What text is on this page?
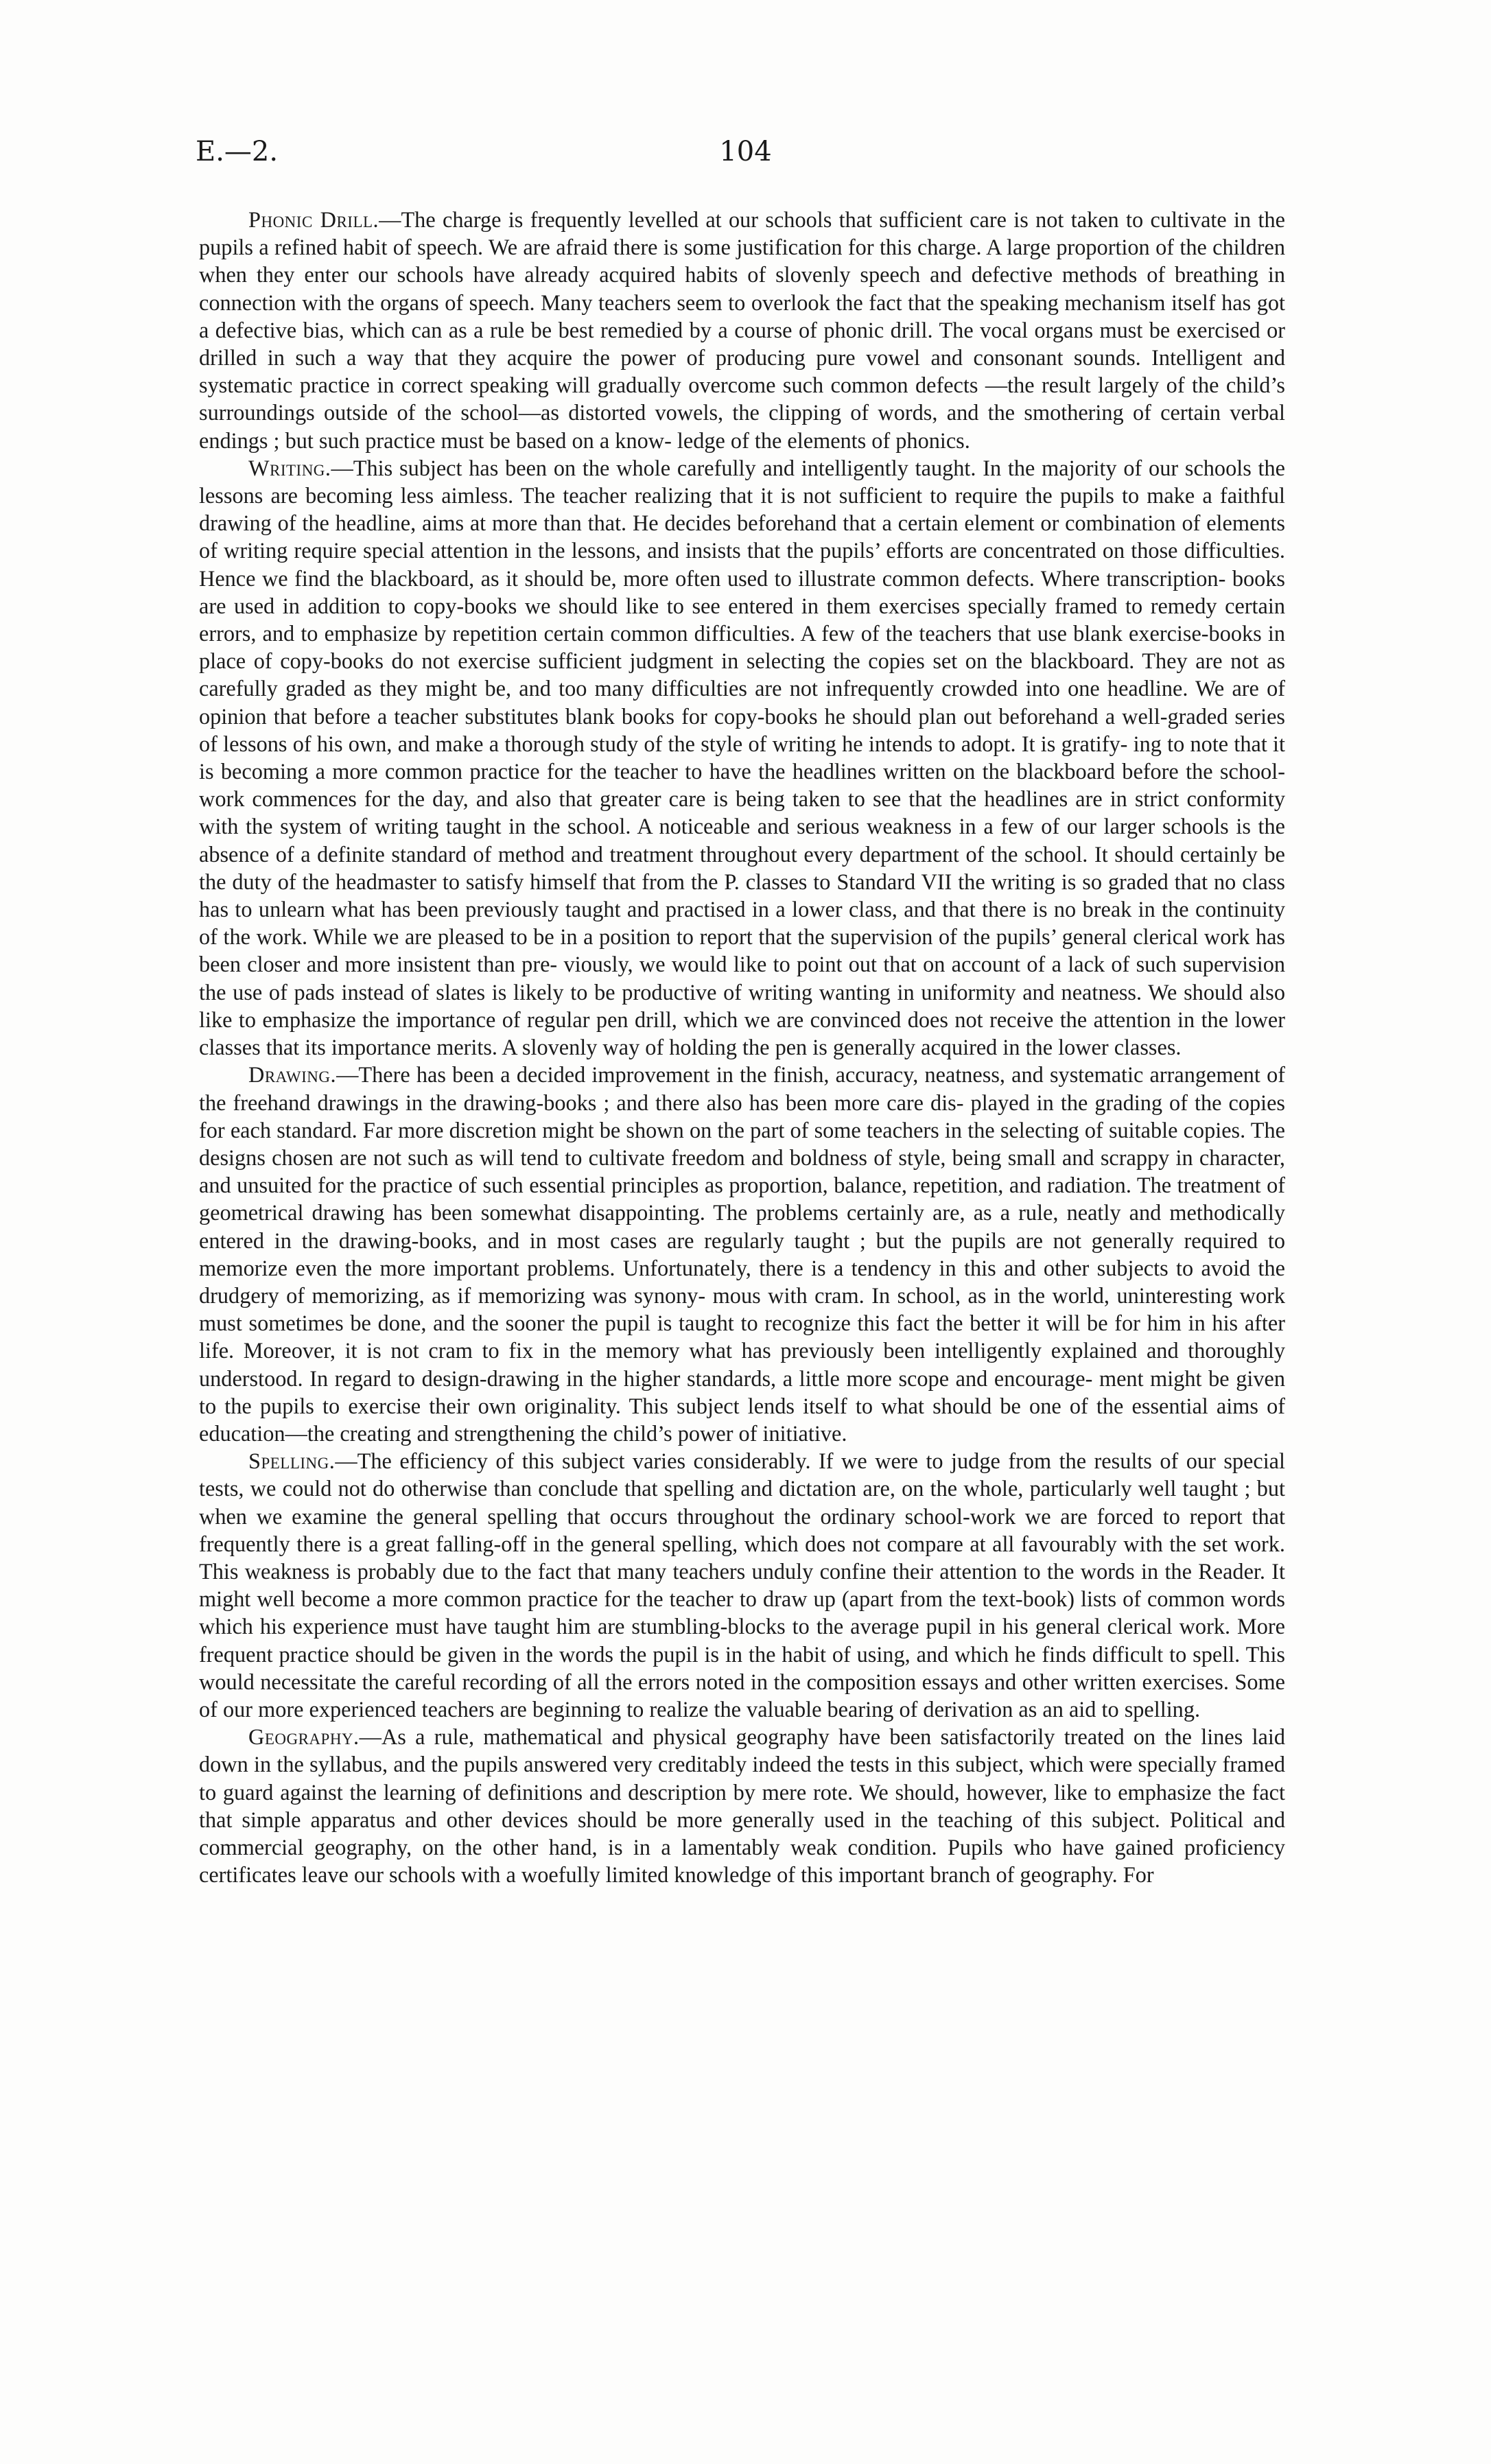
E.—2.	104

Phonic Drill.—The charge is frequently levelled at our schools that sufficient care is not taken to cultivate in the pupils a refined habit of speech. We are afraid there is some justification for this charge. A large proportion of the children when they enter our schools have already acquired habits of slovenly speech and defective methods of breathing in connection with the organs of speech. Many teachers seem to overlook the fact that the speaking mechanism itself has got a defective bias, which can as a rule be best remedied by a course of phonic drill. The vocal organs must be exercised or drilled in such a way that they acquire the power of producing pure vowel and consonant sounds. Intelligent and systematic practice in correct speaking will gradually overcome such common defects —the result largely of the child’s surroundings outside of the school—as distorted vowels, the clipping of words, and the smothering of certain verbal endings ; but such practice must be based on a know- ledge of the elements of phonics.

Writing.—This subject has been on the whole carefully and intelligently taught. In the majority of our schools the lessons are becoming less aimless. The teacher realizing that it is not sufficient to require the pupils to make a faithful drawing of the headline, aims at more than that. He decides beforehand that a certain element or combination of elements of writing require special attention in the lessons, and insists that the pupils’ efforts are concentrated on those difficulties. Hence we find the blackboard, as it should be, more often used to illustrate common defects. Where transcription- books are used in addition to copy-books we should like to see entered in them exercises specially framed to remedy certain errors, and to emphasize by repetition certain common difficulties. A few of the teachers that use blank exercise-books in place of copy-books do not exercise sufficient judgment in selecting the copies set on the blackboard. They are not as carefully graded as they might be, and too many difficulties are not infrequently crowded into one headline. We are of opinion that before a teacher substitutes blank books for copy-books he should plan out beforehand a well-graded series of lessons of his own, and make a thorough study of the style of writing he intends to adopt. It is gratify- ing to note that it is becoming a more common practice for the teacher to have the headlines written on the blackboard before the school-work commences for the day, and also that greater care is being taken to see that the headlines are in strict conformity with the system of writing taught in the school. A noticeable and serious weakness in a few of our larger schools is the absence of a definite standard of method and treatment throughout every department of the school. It should certainly be the duty of the headmaster to satisfy himself that from the P. classes to Standard VII the writing is so graded that no class has to unlearn what has been previously taught and practised in a lower class, and that there is no break in the continuity of the work. While we are pleased to be in a position to report that the supervision of the pupils’ general clerical work has been closer and more insistent than pre- viously, we would like to point out that on account of a lack of such supervision the use of pads instead of slates is likely to be productive of writing wanting in uniformity and neatness. We should also like to emphasize the importance of regular pen drill, which we are convinced does not receive the attention in the lower classes that its importance merits. A slovenly way of holding the pen is generally acquired in the lower classes.

Drawing.—There has been a decided improvement in the finish, accuracy, neatness, and systematic arrangement of the freehand drawings in the drawing-books ; and there also has been more care dis- played in the grading of the copies for each standard. Far more discretion might be shown on the part of some teachers in the selecting of suitable copies. The designs chosen are not such as will tend to cultivate freedom and boldness of style, being small and scrappy in character, and unsuited for the practice of such essential principles as proportion, balance, repetition, and radiation. The treatment of geometrical drawing has been somewhat disappointing. The problems certainly are, as a rule, neatly and methodically entered in the drawing-books, and in most cases are regularly taught ; but the pupils are not generally required to memorize even the more important problems. Unfortunately, there is a tendency in this and other subjects to avoid the drudgery of memorizing, as if memorizing was synony- mous with cram. In school, as in the world, uninteresting work must sometimes be done, and the sooner the pupil is taught to recognize this fact the better it will be for him in his after life. Moreover, it is not cram to fix in the memory what has previously been intelligently explained and thoroughly understood. In regard to design-drawing in the higher standards, a little more scope and encourage- ment might be given to the pupils to exercise their own originality. This subject lends itself to what should be one of the essential aims of education—the creating and strengthening the child’s power of initiative.

Spelling.—The efficiency of this subject varies considerably. If we were to judge from the results of our special tests, we could not do otherwise than conclude that spelling and dictation are, on the whole, particularly well taught ; but when we examine the general spelling that occurs throughout the ordinary school-work we are forced to report that frequently there is a great falling-off in the general spelling, which does not compare at all favourably with the set work. This weakness is probably due to the fact that many teachers unduly confine their attention to the words in the Reader. It might well become a more common practice for the teacher to draw up (apart from the text-book) lists of common words which his experience must have taught him are stumbling-blocks to the average pupil in his general clerical work. More frequent practice should be given in the words the pupil is in the habit of using, and which he finds difficult to spell. This would necessitate the careful recording of all the errors noted in the composition essays and other written exercises. Some of our more experienced teachers are beginning to realize the valuable bearing of derivation as an aid to spelling.

Geography.—As a rule, mathematical and physical geography have been satisfactorily treated on the lines laid down in the syllabus, and the pupils answered very creditably indeed the tests in this subject, which were specially framed to guard against the learning of definitions and description by mere rote. We should, however, like to emphasize the fact that simple apparatus and other devices should be more generally used in the teaching of this subject. Political and commercial geography, on the other hand, is in a lamentably weak condition. Pupils who have gained proficiency certificates leave our schools with a woefully limited knowledge of this important branch of geography. For
